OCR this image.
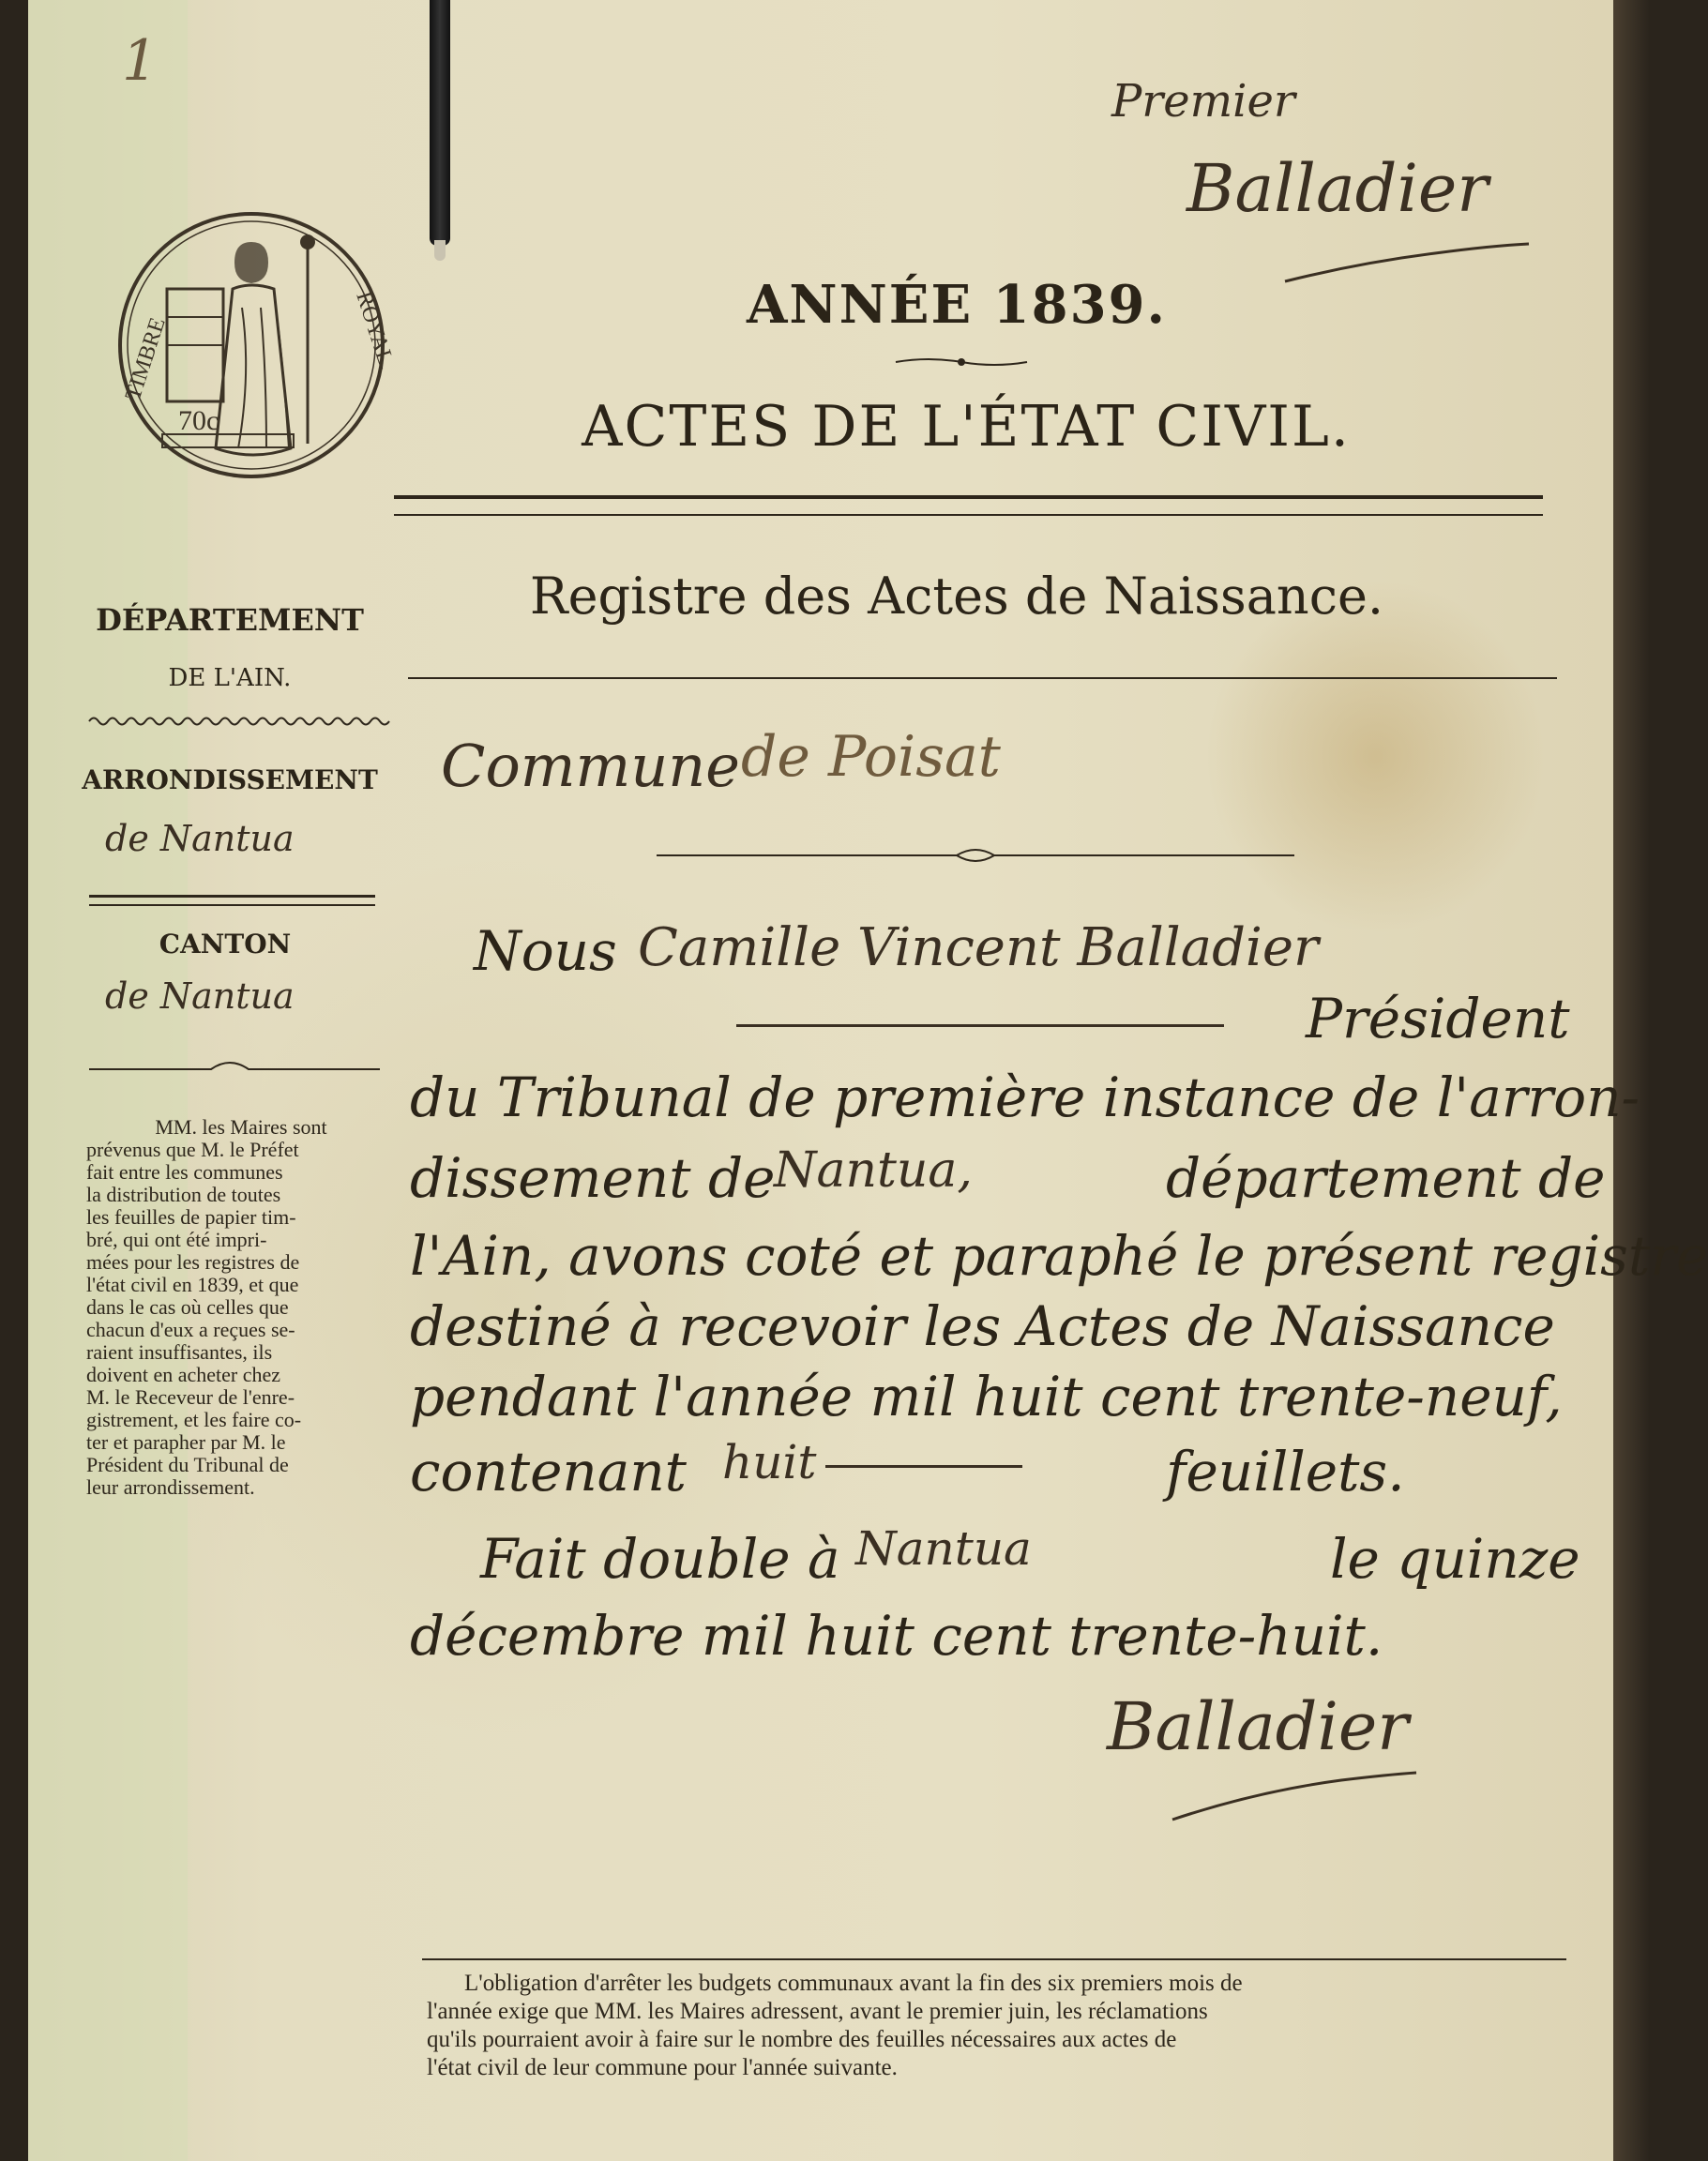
1
TIMBRE	ROYAL.
70c
Premier
Balladier
ANNÉE 1839.
ACTES DE L'ÉTAT CIVIL.
Registre des Actes de Naissance.
DÉPARTEMENT
DE L'AIN.
ARRONDISSEMENT
de Nantua
CANTON
de Nantua
MM. les Maires sont
prévenus que M. le Préfet
fait entre les communes
la distribution de toutes
les feuilles de papier tim-
bré, qui ont été impri-
mées pour les registres de
l'état civil en 1839, et que
dans le cas où celles que
chacun d'eux a reçues se-
raient insuffisantes, ils
doivent en acheter chez
M. le Receveur de l'enre-
gistrement, et les faire co-
ter et parapher par M. le
Président du Tribunal de
leur arrondissement.
Commune de Poisat
Nous Camille Vincent Balladier
Président
du Tribunal de première instance de l'arron-
dissement de
Nantua,	département de
l'Ain, avons coté et paraphé le présent registre
destiné à recevoir les Actes de Naissance
pendant l'année mil huit cent trente-neuf,
contenant huit	feuillets.
Fait double à Nantua	le quinze
décembre mil huit cent trente-huit.
Balladier
L'obligation d'arrêter les budgets communaux avant la fin des six premiers mois de
l'année exige que MM. les Maires adressent, avant le premier juin, les réclamations
qu'ils pourraient avoir à faire sur le nombre des feuilles nécessaires aux actes de
l'état civil de leur commune pour l'année suivante.
